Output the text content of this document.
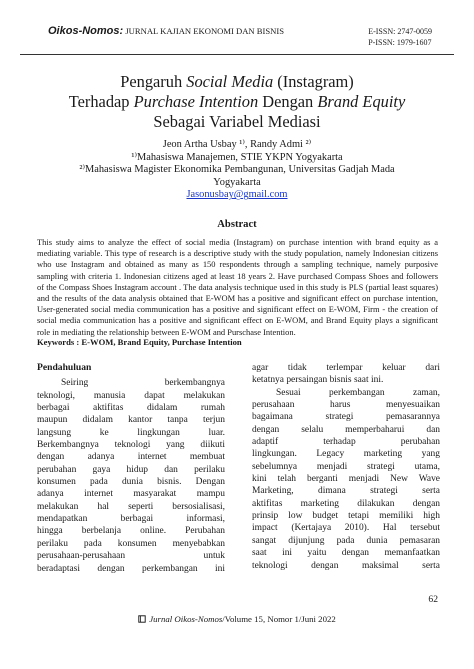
Oikos-Nomos: JURNAL KAJIAN EKONOMI DAN BISNIS	E-ISSN: 2747-0059
P-ISSN: 1979-1607
Pengaruh Social Media (Instagram)
Terhadap Purchase Intention Dengan Brand Equity
Sebagai Variabel Mediasi
Jeon Artha Usbay ¹⁾, Randy Admi ²⁾
¹⁾Mahasiswa Manajemen, STIE YKPN Yogyakarta
²⁾Mahasiswa Magister Ekonomika Pembangunan, Universitas Gadjah Mada
Yogyakarta
Jasonusbay@gmail.com
Abstract
This study aims to analyze the effect of social media (Instagram) on purchase intention with brand equity as a mediating variable. This type of research is a descriptive study with the study population, namely Indonesian citizens who use Instagram and obtained as many as 150 respondents through a sampling technique, namely purposive sampling with criteria 1. Indonesian citizens aged at least 18 years 2. Have purchased Compass Shoes and followers of the Compass Shoes Instagram account . The data analysis technique used in this study is PLS (partial least squares) and the results of the data analysis obtained that E-WOM has a positive and significant effect on purchase intention, User-generated social media communication has a positive and significant effect on E-WOM, Firm - the creation of social media communication has a positive and significant effect on E-WOM, and Brand Equity plays a significant role in mediating the relationship between E-WOM and Purschase Intention.
Keywords : E-WOM, Brand Equity, Purchase Intention
Pendahuluan
Seiring berkembangnya
teknologi, manusia dapat melakukan
berbagai aktifitas didalam rumah
maupun didalam kantor tanpa terjun
langsung ke lingkungan luar.
Berkembangnya teknologi yang diikuti
dengan adanya internet membuat
perubahan gaya hidup dan perilaku
konsumen pada dunia bisnis. Dengan
adanya internet masyarakat mampu
melakukan hal seperti bersosialisasi,
mendapatkan berbagai informasi,
hingga berbelanja online. Perubahan
perilaku pada konsumen menyebabkan
perusahaan-perusahaan untuk
beradaptasi dengan perkembangan ini
agar tidak terlempar keluar dari
ketatnya persaingan bisnis saat ini.
Sesuai perkembangan zaman,
perusahaan harus menyesuaikan
bagaimana strategi pemasarannya
dengan selalu memperbaharui dan
adaptif terhadap perubahan
lingkungan. Legacy marketing yang
sebelumnya menjadi strategi utama,
kini telah berganti menjadi New Wave
Marketing, dimana strategi serta
aktifitas marketing dilakukan dengan
prinsip low budget tetapi memiliki high
impact (Kertajaya 2010). Hal tersebut
sangat dijunjung pada dunia pemasaran
saat ini yaitu dengan memanfaatkan
teknologi dengan maksimal serta
62
Jurnal Oikos-Nomos/Volume 15, Nomor 1/Juni 2022
